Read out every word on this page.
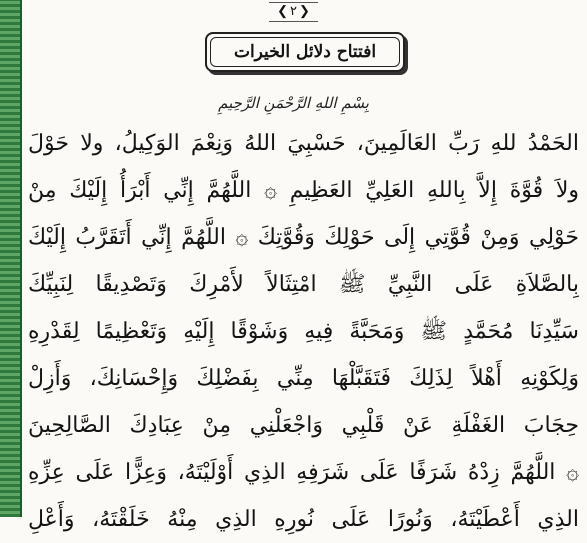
❮ ٢ ❯
افتتاح دلائل الخيرات
بِسْمِ اللهِ الرَّحْمَنِ الرَّحِيمِ
الحَمْدُ للهِ رَبِّ العَالَمِينَ، حَسْبِيَ اللهُ وَنِعْمَ الوَكِيلُ، ولا حَوْلَ
ولاَ قُوَّةَ إِلاَّ بِاللهِ العَلِيِّ العَظِيمِ ۞ اللَّهُمَّ إِنِّي أَبْرَأُ إِلَيْكَ مِنْ
حَوْلِي وَمِنْ قُوَّتِي إِلَى حَوْلِكَ وَقُوَّتِكَ ۞ اللَّهُمَّ إِنِّي أَتَقَرَّبُ إِلَيْكَ
بِالصَّلاَةِ عَلَى النَّبِيِّ ﷺ امْتِثَالاً لأَمْرِكَ وَتَصْدِيقًا لِنَبِيِّكَ
سَيِّدِنَا مُحَمَّدٍ ﷺ وَمَحَبَّةً فِيهِ وَشَوْقًا إِلَيْهِ وَتَعْظِيمًا لِقَدْرِهِ
وَلِكَوْنِهِ أَهْلاً لِذَلِكَ فَتَقَبَّلْهَا مِنِّي بِفَضْلِكَ وَإِحْسَانِكَ، وَأَزِلْ
حِجَابَ الغَفْلَةِ عَنْ قَلْبِي وَاجْعَلْنِي مِنْ عِبَادِكَ الصَّالِحِينَ
۞ اللَّهُمَّ زِدْهُ شَرَفًا عَلَى شَرَفِهِ الذِي أَوْلَيْتَهُ، وَعِزًّا عَلَى عِزِّهِ
الذِي أَعْطَيْتَهُ، وَنُورًا عَلَى نُورِهِ الذِي مِنْهُ خَلَقْتَهُ، وَأَعْلِ
